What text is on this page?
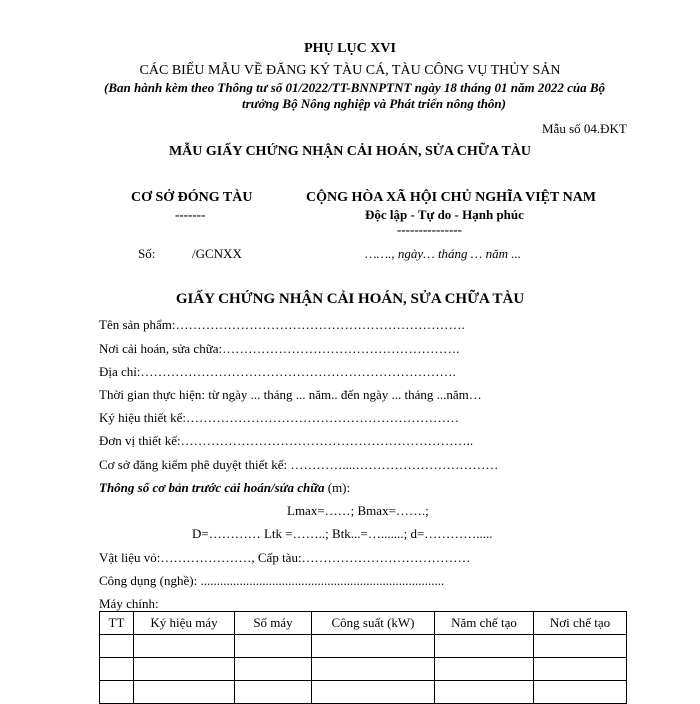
PHỤ LỤC XVI
CÁC BIỂU MẪU VỀ ĐĂNG KÝ TÀU CÁ, TÀU CÔNG VỤ THỦY SẢN
(Ban hành kèm theo Thông tư số 01/2022/TT-BNNPTNT ngày 18 tháng 01 năm 2022 của Bộ
trưởng Bộ Nông nghiệp và Phát triển nông thôn)
Mẫu số 04.ĐKT
MẪU GIẤY CHỨNG NHẬN CẢI HOÁN, SỬA CHỮA TÀU
CƠ SỞ ĐÓNG TÀU
-------
CỘNG HÒA XÃ HỘI CHỦ NGHĨA VIỆT NAM
Độc lập - Tự do - Hạnh phúc
---------------
Số:	/GCNXX	……., ngày… tháng … năm ...
GIẤY CHỨNG NHẬN CẢI HOÁN, SỬA CHỮA TÀU
Tên sản phẩm:………………………………………………………….
Nơi cải hoán, sửa chữa:……………………………………………….
Địa chỉ:……………………………………………………………….
Thời gian thực hiện: từ ngày ... tháng ... năm.. đến ngày ... tháng ...năm…
Ký hiệu thiết kế:………………………………………………………
Đơn vị thiết kế:…………………………………………………………..
Cơ sở đăng kiểm phê duyệt thiết kế: …………....……………………………
Thông số cơ bản trước cải hoán/sửa chữa (m):
Lmax=……; Bmax=…….;
D=………… Ltk =……..; Btk...=….......; d=………….....
Vật liệu vỏ:…………………, Cấp tàu:…………………………………
Công dụng (nghề): ...........................................................................
Máy chính:
TT	Ký hiệu máy	Số máy	Công suất (kW)	Năm chế tạo	Nơi chế tạo
